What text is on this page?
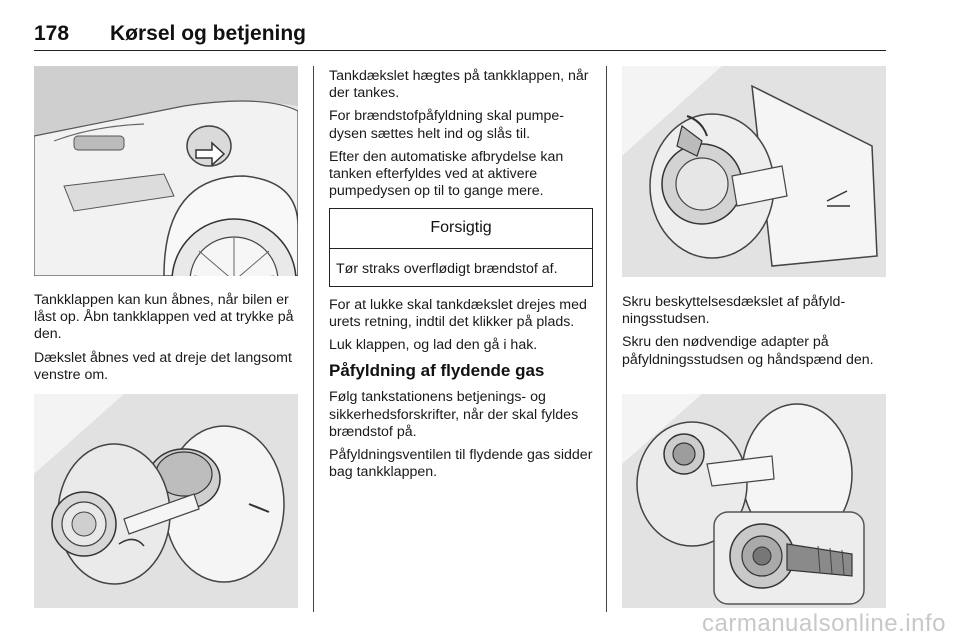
178 Kørsel og betjening

Tankklappen kan kun åbnes, når bilen er låst op. Åbn tankklappen ved at trykke på den.

Dækslet åbnes ved at dreje det langsomt venstre om.

Tankdækslet hægtes på tankklappen, når der tankes.

For brændstofpåfyldning skal pumpedysen sættes helt ind og slås til.

Efter den automatiske afbrydelse kan tanken efterfyldes ved at aktivere pumpedysen op til to gange mere.

Forsigtig
Tør straks overflødigt brændstof af.

For at lukke skal tankdækslet drejes med urets retning, indtil det klikker på plads.

Luk klappen, og lad den gå i hak.

Påfyldning af flydende gas

Følg tankstationens betjenings- og sikkerhedsforskrifter, når der skal fyldes brændstof på.

Påfyldningsventilen til flydende gas sidder bag tankklappen.

Skru beskyttelsesdækslet af påfyldningsstudsen.

Skru den nødvendige adapter på påfyldningsstudsen og håndspænd den.

carmanualsonline.info
